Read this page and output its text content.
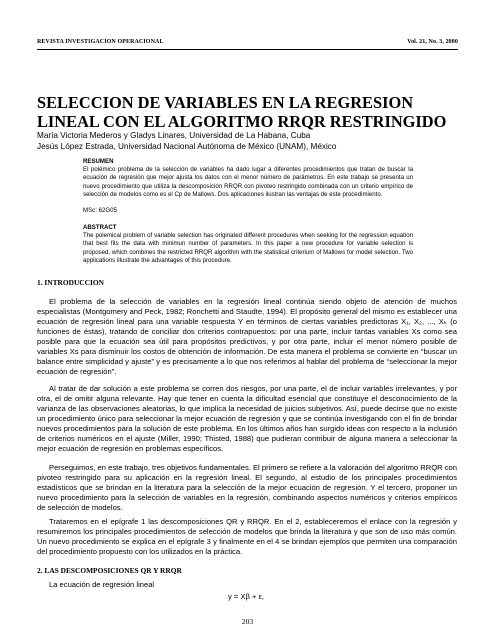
REVISTA INVESTIGACION OPERACIONAL	Vol. 21, No. 3, 2000
SELECCION DE VARIABLES EN LA REGRESION
LINEAL CON EL ALGORITMO RRQR RESTRINGIDO
María Victoria Mederos y Gladys Linares, Universidad de La Habana, Cuba
Jesús López Estrada, Universidad Nacional Autónoma de México (UNAM), México
RESUMEN
El polémico problema de la selección de variables ha dado lugar a diferentes procedimientos que tratan de buscar la ecuación de regresión que mejor ajusta los datos con el menor número de parámetros. En este trabajo se presenta un nuevo procedimiento que utiliza la descomposición RRQR con pivoteo restringido combinada con un criterio empírico de selección de modelos como es el Cp de Mallows. Dos aplicaciones ilustran las ventajas de este procedimiento.
MSc: 62G05
ABSTRACT
The polemical problem of variable selection has originated different procedures when seeking for the regression equation that best fits the data with minimun number of parameters. In this paper a new procedure for variable selection is proposed, which combines the restricted RRQR algorithm with the statistical criterium of Mallows for model selection. Two applications illustrate the advantages of this procedure.
1. INTRODUCCION
El problema de la selección de variables en la regresión lineal continúa siendo objeto de atención de muchos especialistas (Montgomery and Peck, 1982; Ronchetti and Staudte, 1994). El propósito general del mismo es establecer una ecuación de regresión lineal para una variable respuesta Y en términos de ciertas variables predictoras X₁, X₂, ..., Xₖ (o funciones de éstas), tratando de conciliar dos criterios contrapuestos: por una parte, incluir tantas variables Xs como sea posible para que la ecuación sea útil para propósitos predictivos, y por otra parte, incluir el menor número posible de variables Xs para disminuir los costos de obtención de información. De esta manera el problema se convierte en “buscar un balance entre simplicidad y ajuste” y es precisamente a lo que nos referimos al hablar del problema de “seleccionar la mejor ecuación de regresión”.
Al tratar de dar solución a este problema se corren dos riesgos, por una parte, el de incluir variables irrelevantes, y por otra, el de omitir alguna relevante. Hay que tener en cuenta la dificultad esencial que constituye el desconocimiento de la varianza de las observaciones aleatorias, lo que implica la necesidad de juicios subjetivos. Así, puede decirse que no existe un procedimiento único para seleccionar la mejor ecuación de regresión y que se continúa investigando con el fin de brindar nuevos procedimientos para la solución de este problema. En los últimos años han surgido ideas con respecto a la inclusión de criterios numéricos en el ajuste (Miller, 1990; Thisted, 1988) que pudieran contribuir de alguna manera a seleccionar la mejor ecuación de regresión en problemas específicos.
Perseguimos, en este trabajo, tres objetivos fundamentales. El primero se refiere a la valoración del algoritmo RRQR con pivoteo restringido para su aplicación en la regresión lineal. El segundo, al estudio de los principales procedimientos estadísticos que se brindan en la literatura para la selección de la mejor ecuación de regresión. Y el tercero, proponer un nuevo procedimiento para la selección de variables en la regresión, combinando aspectos numéricos y criterios empíricos de selección de modelos.
Trataremos en el epígrafe 1 las descomposiciones QR y RRQR. En el 2, estableceremos el enlace con la regresión y resumiremos los principales procedimientos de selección de modelos que brinda la literatura y que son de uso más común. Un nuevo procedimiento se explica en el epígrafe 3 y finalmente en el 4 se brindan ejemplos que permiten una comparación del procedimiento propuesto con los utilizados en la práctica.
2. LAS DESCOMPOSICIONES QR Y RRQR
La ecuación de regresión lineal
y = Xβ + ε,
203
